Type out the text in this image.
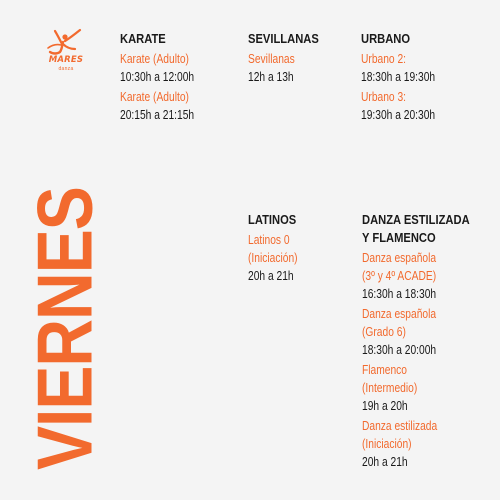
MARES
danza
VIERNES
KARATE
Karate (Adulto)
10:30h a 12:00h
Karate (Adulto)
20:15h a 21:15h
SEVILLANAS
Sevillanas
12h a 13h
URBANO
Urbano 2:
18:30h a 19:30h
Urbano 3:
19:30h a 20:30h
LATINOS
Latinos 0
(Iniciación)
20h a 21h
DANZA ESTILIZADA
Y FLAMENCO
Danza española
(3º y 4º ACADE)
16:30h a 18:30h
Danza española
(Grado 6)
18:30h a 20:00h
Flamenco
(Intermedio)
19h a 20h
Danza estilizada
(Iniciación)
20h a 21h
